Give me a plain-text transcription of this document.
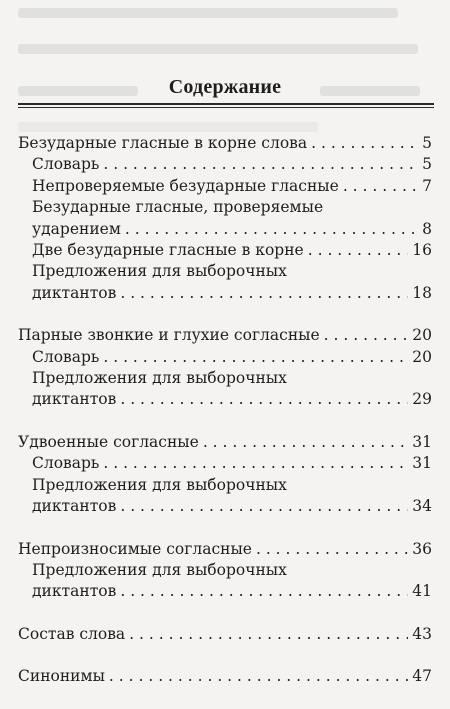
Содержание
Безударные гласные в корне слова . . .	5
Словарь . . .	5
Непроверяемые безударные гласные . . .	7
Безударные гласные, проверяемые
ударением . . .	8
Две безударные гласные в корне . . .	16
Предложения для выборочных
диктантов . . .	18
Парные звонкие и глухие согласные . . .	20
Словарь . . .	20
Предложения для выборочных
диктантов . . .	29
Удвоенные согласные . . .	31
Словарь . . .	31
Предложения для выборочных
диктантов . . .	34
Непроизносимые согласные . . .	36
Предложения для выборочных
диктантов . . .	41
Состав слова . . .	43
Синонимы . . .	47
